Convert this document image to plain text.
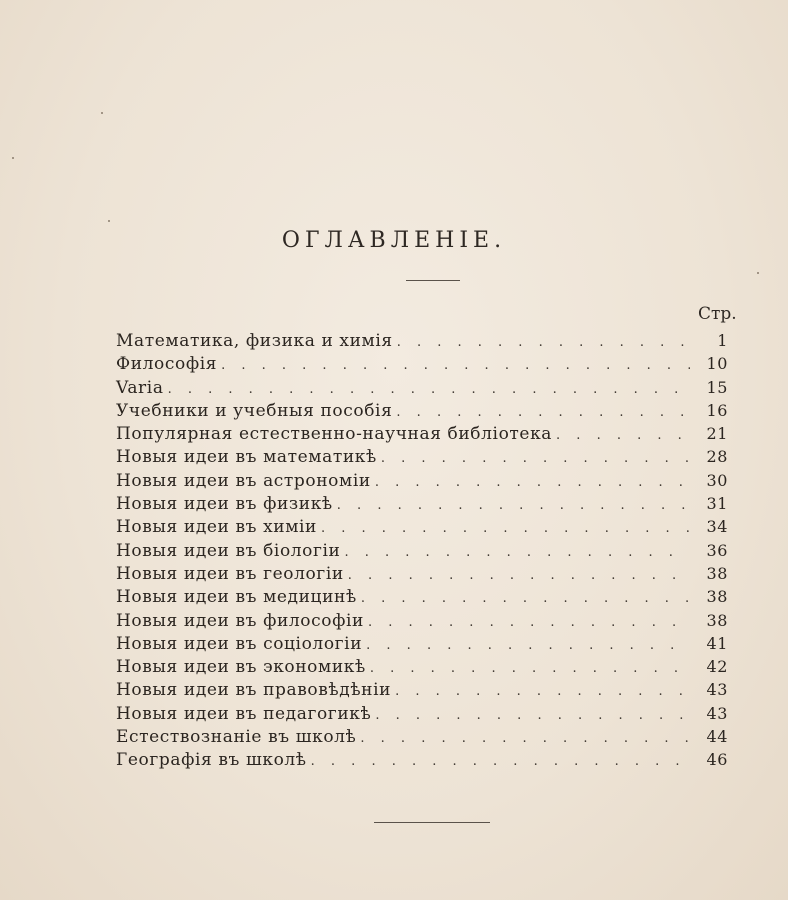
ОГЛАВЛЕНІЕ.
Стр.
Математика, физика и химія . . .	1
Философія . . .	10
Varia . . .	15
Учебники и учебныя пособія . . .	16
Популярная естественно-научная библіотека . . .	21
Новыя идеи въ математикѣ . . .	28
Новыя идеи въ астрономіи . . .	30
Новыя идеи въ физикѣ . . .	31
Новыя идеи въ химіи . . .	34
Новыя идеи въ біологіи . . .	36
Новыя идеи въ геологіи . . .	38
Новыя идеи въ медицинѣ . . .	38
Новыя идеи въ философіи . . .	38
Новыя идеи въ соціологіи . . .	41
Новыя идеи въ экономикѣ . . .	42
Новыя идеи въ правовѣдѣніи . . .	43
Новыя идеи въ педагогикѣ . . .	43
Естествознаніе въ школѣ . . .	44
Географія въ школѣ . . .	46
